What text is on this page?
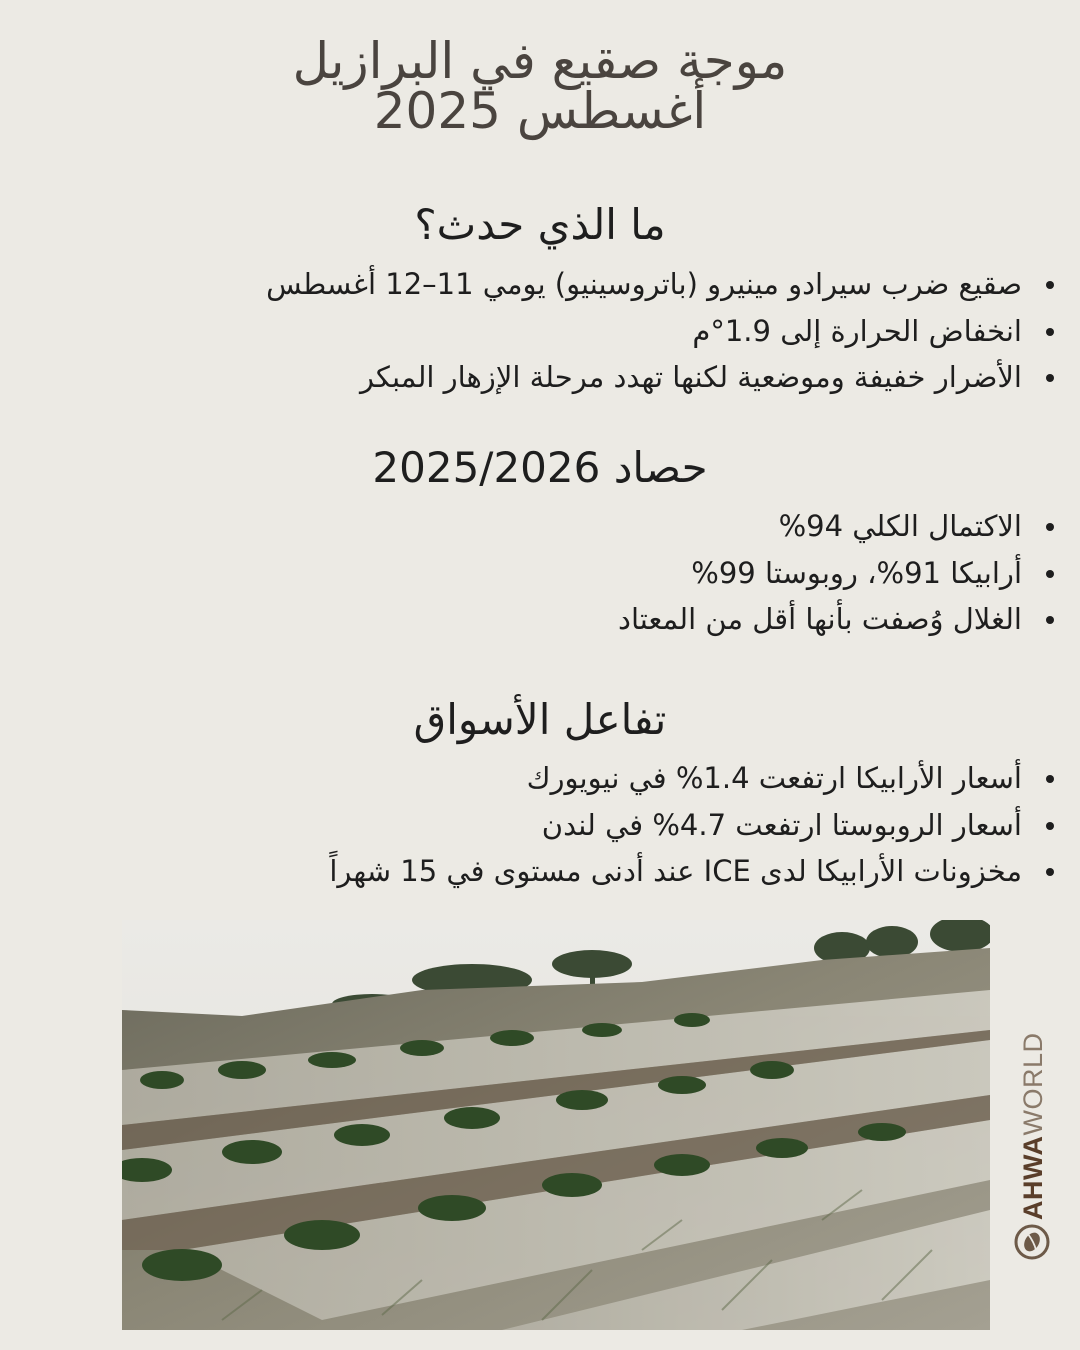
موجة صقيع في البرازيل
أغسطس 2025
ما الذي حدث؟
صقيع ضرب سيرادو مينيرو (باتروسينيو) يومي 11–12 أغسطس
انخفاض الحرارة إلى 1.9°م
الأضرار خفيفة وموضعية لكنها تهدد مرحلة الإزهار المبكر
حصاد 2025/2026
الاكتمال الكلي 94%
أرابيكا 91%، روبوستا 99%
الغلال وُصفت بأنها أقل من المعتاد
تفاعل الأسواق
أسعار الأرابيكا ارتفعت 1.4% في نيويورك
أسعار الروبوستا ارتفعت 4.7% في لندن
مخزونات الأرابيكا لدى ICE عند أدنى مستوى في 15 شهراً
AHWAWORLD
